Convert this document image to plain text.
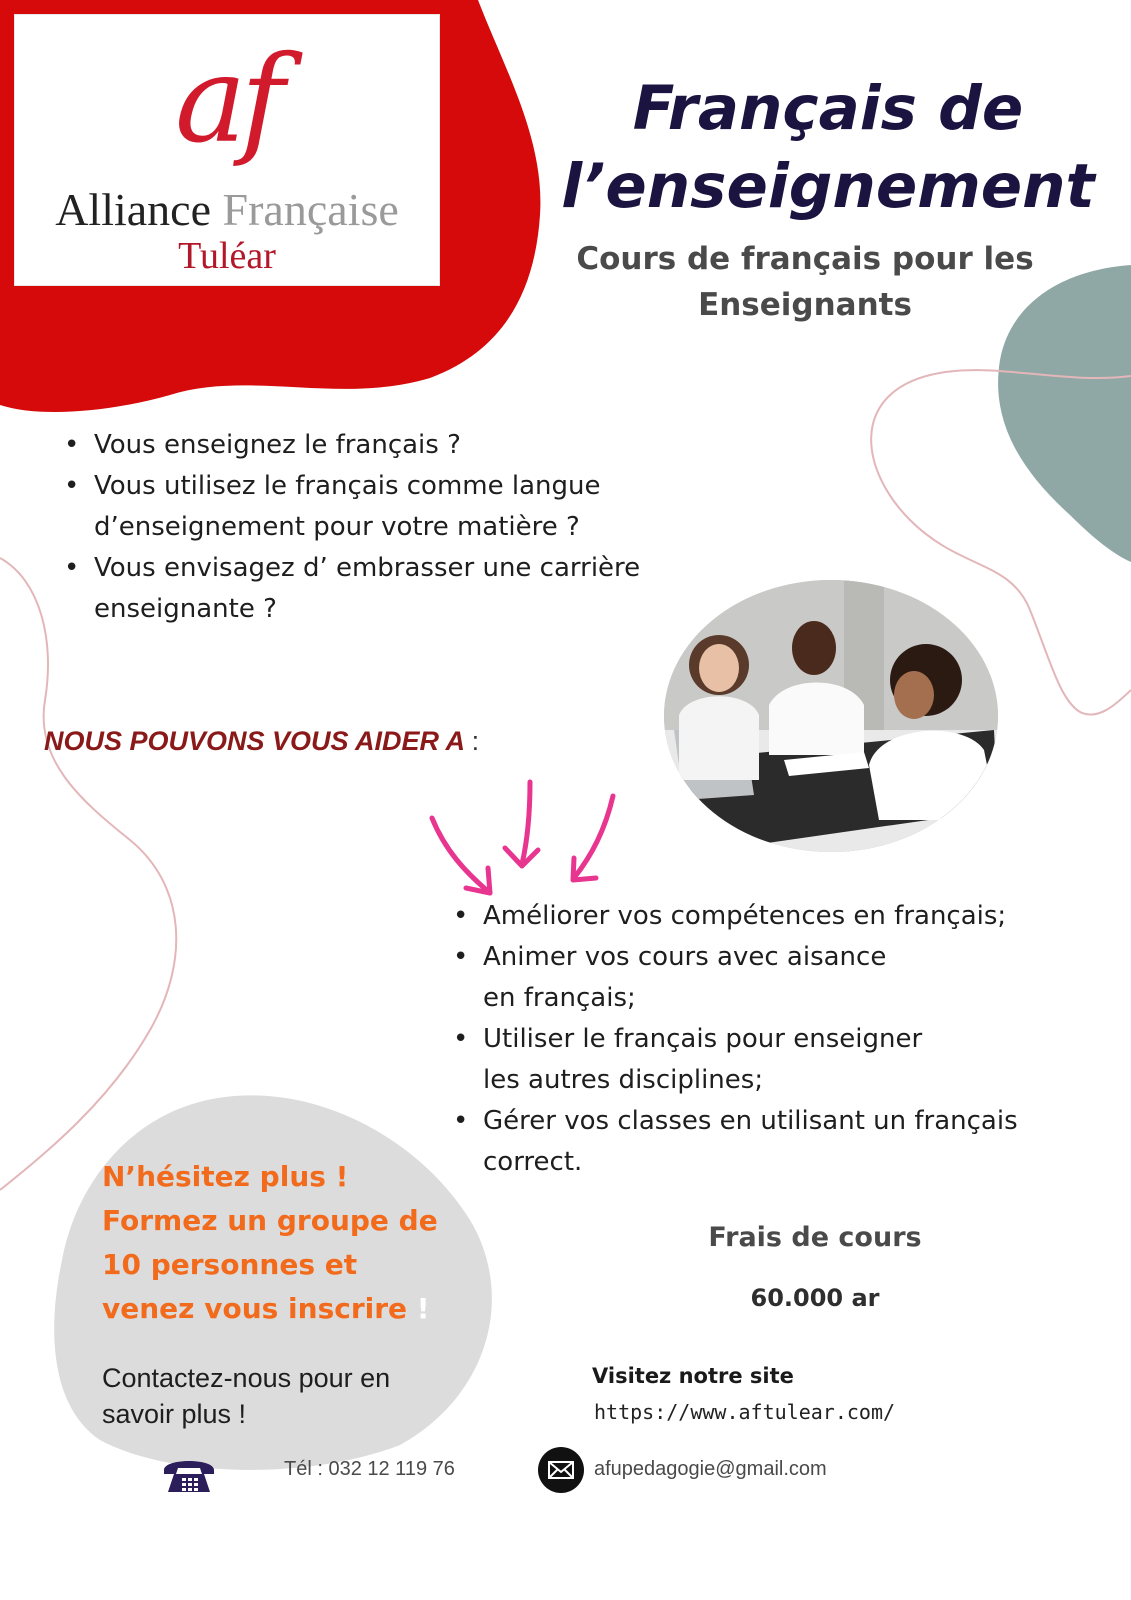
af
Alliance Française
Tuléar
Français de l’enseignement
Cours de français pour les Enseignants
• Vous enseignez le français ?
• Vous utilisez le français comme langue d’enseignement pour votre matière ?
• Vous envisagez d’ embrasser une carrière enseignante ?
NOUS POUVONS VOUS AIDER A :
• Améliorer vos compétences en français;
• Animer vos cours avec aisance
en français;
• Utiliser le français pour enseigner
les autres disciplines;
• Gérer vos classes en utilisant un français
correct.
N’hésitez plus !
Formez un groupe de
10 personnes et
venez vous inscrire !
Contactez-nous pour en savoir plus !
Frais de cours
60.000 ar
Visitez notre site
https://www.aftulear.com/
Tél : 032 12 119 76	afupedagogie@gmail.com
